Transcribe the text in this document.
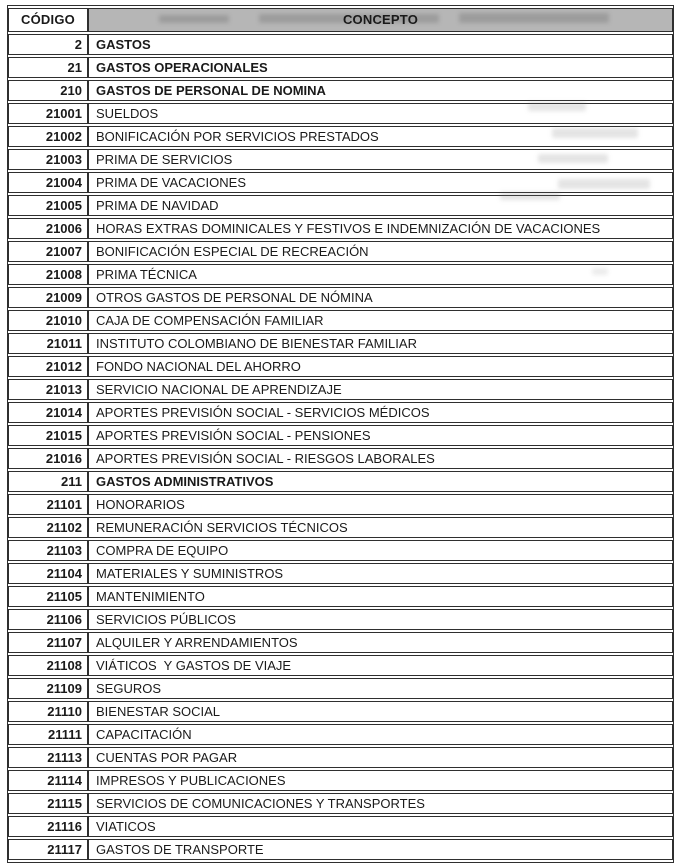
CÓDIGO	CONCEPTO
2	GASTOS
21	GASTOS OPERACIONALES
210	GASTOS DE PERSONAL DE NOMINA
21001	SUELDOS
21002	BONIFICACIÓN POR SERVICIOS PRESTADOS
21003	PRIMA DE SERVICIOS
21004	PRIMA DE VACACIONES
21005	PRIMA DE NAVIDAD
21006	HORAS EXTRAS DOMINICALES Y FESTIVOS E INDEMNIZACIÓN DE VACACIONES
21007	BONIFICACIÓN ESPECIAL DE RECREACIÓN
21008	PRIMA TÉCNICA
21009	OTROS GASTOS DE PERSONAL DE NÓMINA
21010	CAJA DE COMPENSACIÓN FAMILIAR
21011	INSTITUTO COLOMBIANO DE BIENESTAR FAMILIAR
21012	FONDO NACIONAL DEL AHORRO
21013	SERVICIO NACIONAL DE APRENDIZAJE
21014	APORTES PREVISIÓN SOCIAL - SERVICIOS MÉDICOS
21015	APORTES PREVISIÓN SOCIAL - PENSIONES
21016	APORTES PREVISIÓN SOCIAL - RIESGOS LABORALES
211	GASTOS ADMINISTRATIVOS
21101	HONORARIOS
21102	REMUNERACIÓN SERVICIOS TÉCNICOS
21103	COMPRA DE EQUIPO
21104	MATERIALES Y SUMINISTROS
21105	MANTENIMIENTO
21106	SERVICIOS PÚBLICOS
21107	ALQUILER Y ARRENDAMIENTOS
21108	VIÁTICOS  Y GASTOS DE VIAJE
21109	SEGUROS
21110	BIENESTAR SOCIAL
21111	CAPACITACIÓN
21113	CUENTAS POR PAGAR
21114	IMPRESOS Y PUBLICACIONES
21115	SERVICIOS DE COMUNICACIONES Y TRANSPORTES
21116	VIATICOS
21117	GASTOS DE TRANSPORTE
